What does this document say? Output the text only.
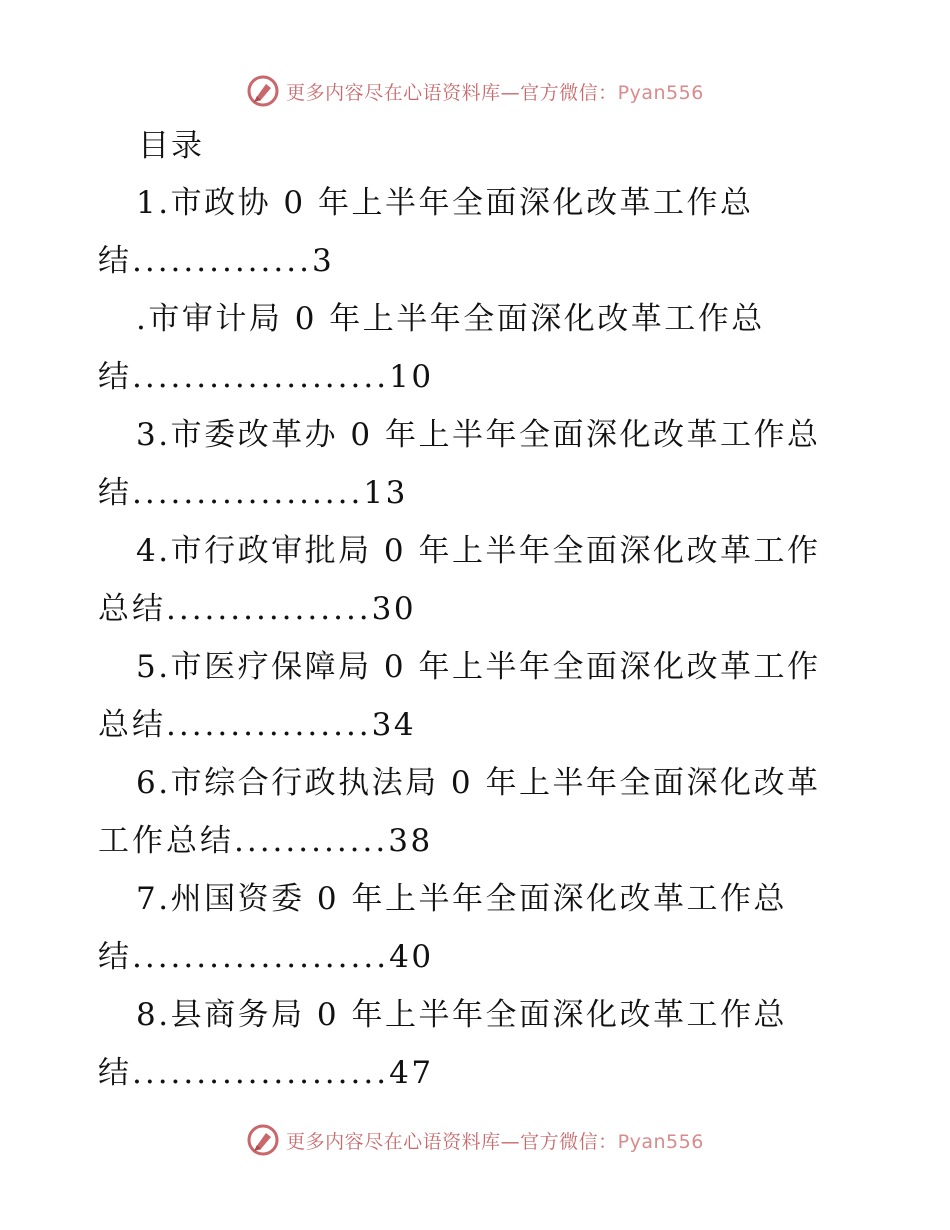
更多内容尽在心语资料库—官方微信：Pyan556
目录
1.市政协 0 年上半年全面深化改革工作总
结..............3
.市审计局 0 年上半年全面深化改革工作总
结....................10
3.市委改革办 0 年上半年全面深化改革工作总
结..................13
4.市行政审批局 0 年上半年全面深化改革工作
总结................30
5.市医疗保障局 0 年上半年全面深化改革工作
总结................34
6.市综合行政执法局 0 年上半年全面深化改革
工作总结............38
7.州国资委 0 年上半年全面深化改革工作总
结....................40
8.县商务局 0 年上半年全面深化改革工作总
结....................47
更多内容尽在心语资料库—官方微信：Pyan556
